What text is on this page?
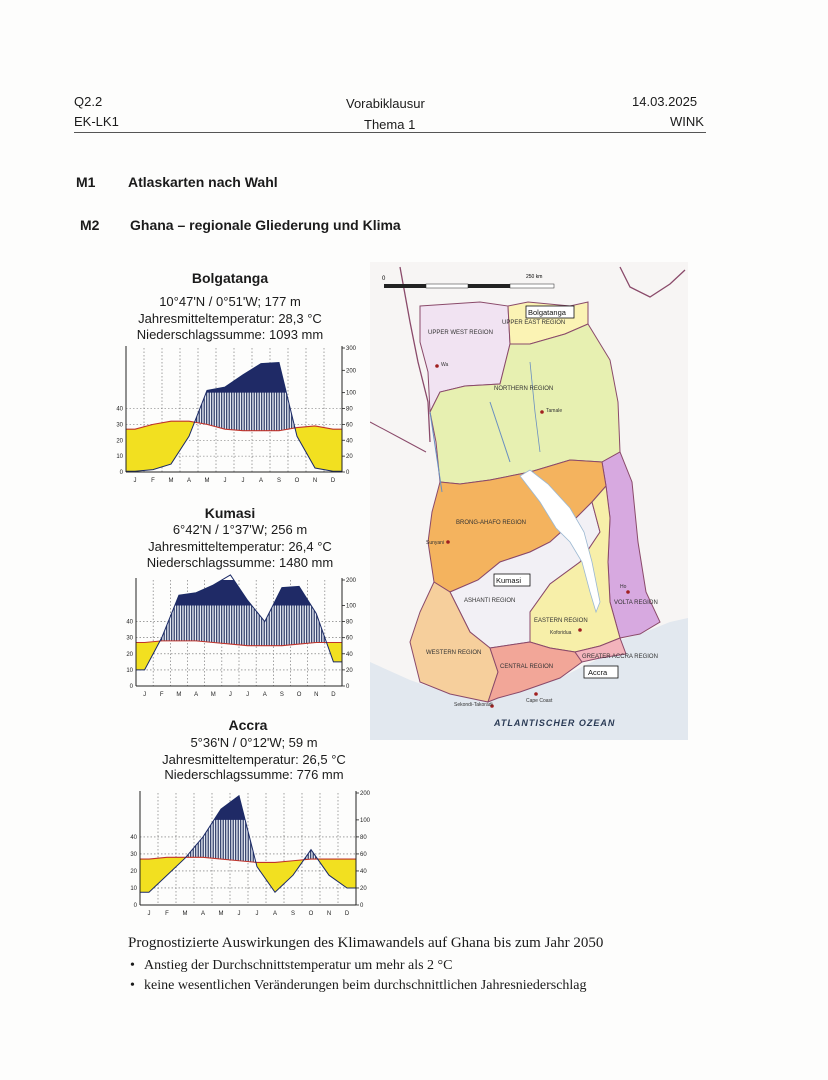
Q2.2
EK-LK1
Vorabiklausur
Thema 1
14.03.2025
WINK
M1 Atlaskarten nach Wahl
M2 Ghana – regionale Gliederung und Klima
Bolgatanga
10°47'N / 0°51'W; 177 m
Jahresmitteltemperatur: 28,3 °C
Niederschlagssumme: 1093 mm
40
30
20
10
0
300
200
100
80
60
40
20
0
J F M A M J	J A S O N D
Kumasi
6°42'N / 1°37'W; 256 m
Jahresmitteltemperatur: 26,4 °C
Niederschlagssumme: 1480 mm
40
30
20
10
0
200
100
80
60
40
20
0
J F M A M J J A S O N D
Accra
5°36'N / 0°12'W; 59 m
Jahresmitteltemperatur: 26,5 °C
Niederschlagssumme: 776 mm
40
30
20
10
0
200
100
80
60
40
20
0
J F M A M J	J A S O N D
0	250 km
UPPER WEST REGION
UPPER EAST REGION
NORTHERN REGION
BRONG-AHAFO REGION
ASHANTI REGION
EASTERN REGION
VOLTA REGION
WESTERN REGION
CENTRAL REGION
GREATER ACCRA REGION
Wa
Tamale
Sunyani
Ho
Koforidua
Cape Coast
Sekondi-Takoradi
Bolgatanga
Kumasi
Accra
ATLANTISCHER OZEAN
Prognostizierte Auswirkungen des Klimawandels auf Ghana bis zum Jahr 2050
• Anstieg der Durchschnittstemperatur um mehr als 2 °C
• keine wesentlichen Veränderungen beim durchschnittlichen Jahresniederschlag
